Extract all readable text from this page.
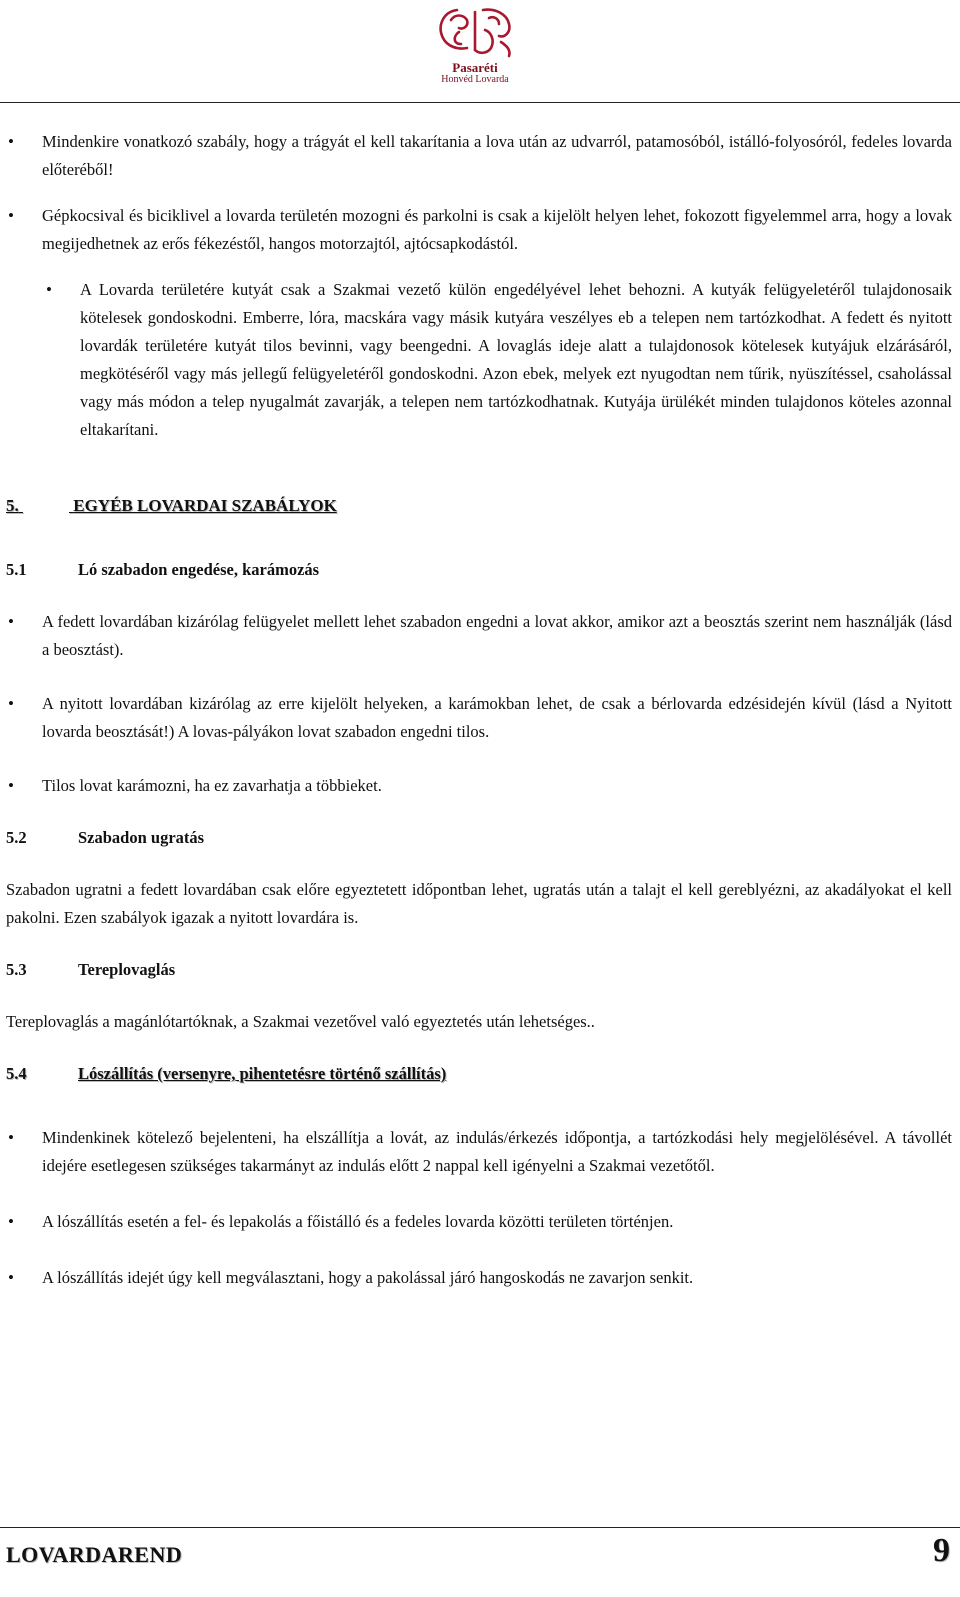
Pasaréti
Honvéd Lovarda
• Mindenkire vonatkozó szabály, hogy a trágyát el kell takarítania a lova után az udvarról, patamosóból, istálló-folyosóról, fedeles lovarda előteréből!
• Gépkocsival és biciklivel a lovarda területén mozogni és parkolni is csak a kijelölt helyen lehet, fokozott figyelemmel arra, hogy a lovak megijedhetnek az erős fékezéstől, hangos motorzajtól, ajtócsapkodástól.
• A Lovarda területére kutyát csak a Szakmai vezető külön engedélyével lehet behozni. A kutyák felügyeletéről tulajdonosaik kötelesek gondoskodni. Emberre, lóra, macskára vagy másik kutyára veszélyes eb a telepen nem tartózkodhat. A fedett és nyitott lovardák területére kutyát tilos bevinni, vagy beengedni. A lovaglás ideje alatt a tulajdonosok kötelesek kutyájuk elzárásáról, megkötéséről vagy más jellegű felügyeletéről gondoskodni. Azon ebek, melyek ezt nyugodtan nem tűrik, nyüszítéssel, csaholással vagy más módon a telep nyugalmát zavarják, a telepen nem tartózkodhatnak. Kutyája ürülékét minden tulajdonos köteles azonnal eltakarítani.
5.	EGYÉB LOVARDAI SZABÁLYOK
5.1	Ló szabadon engedése, karámozás
• A fedett lovardában kizárólag felügyelet mellett lehet szabadon engedni a lovat akkor, amikor azt a beosztás szerint nem használják (lásd a beosztást).
• A nyitott lovardában kizárólag az erre kijelölt helyeken, a karámokban lehet, de csak a bérlovarda edzésidején kívül (lásd a Nyitott lovarda beosztását!) A lovas-pályákon lovat szabadon engedni tilos.
• Tilos lovat karámozni, ha ez zavarhatja a többieket.
5.2	Szabadon ugratás

Szabadon ugratni a fedett lovardában csak előre egyeztetett időpontban lehet, ugratás után a talajt el kell gereblyézni, az akadályokat el kell pakolni. Ezen szabályok igazak a nyitott lovardára is.

5.3	Tereplovaglás

Tereplovaglás a magánlótartóknak, a Szakmai vezetővel való egyeztetés után lehetséges..

5.4	Lószállítás (versenyre, pihentetésre történő szállítás)
• Mindenkinek kötelező bejelenteni, ha elszállítja a lovát, az indulás/érkezés időpontja, a tartózkodási hely megjelölésével. A távollét idejére esetlegesen szükséges takarmányt az indulás előtt 2 nappal kell igényelni a Szakmai vezetőtől.
• A lószállítás esetén a fel- és lepakolás a főistálló és a fedeles lovarda közötti területen történjen.
• A lószállítás idejét úgy kell megválasztani, hogy a pakolással járó hangoskodás ne zavarjon senkit.
LOVARDAREND	9
